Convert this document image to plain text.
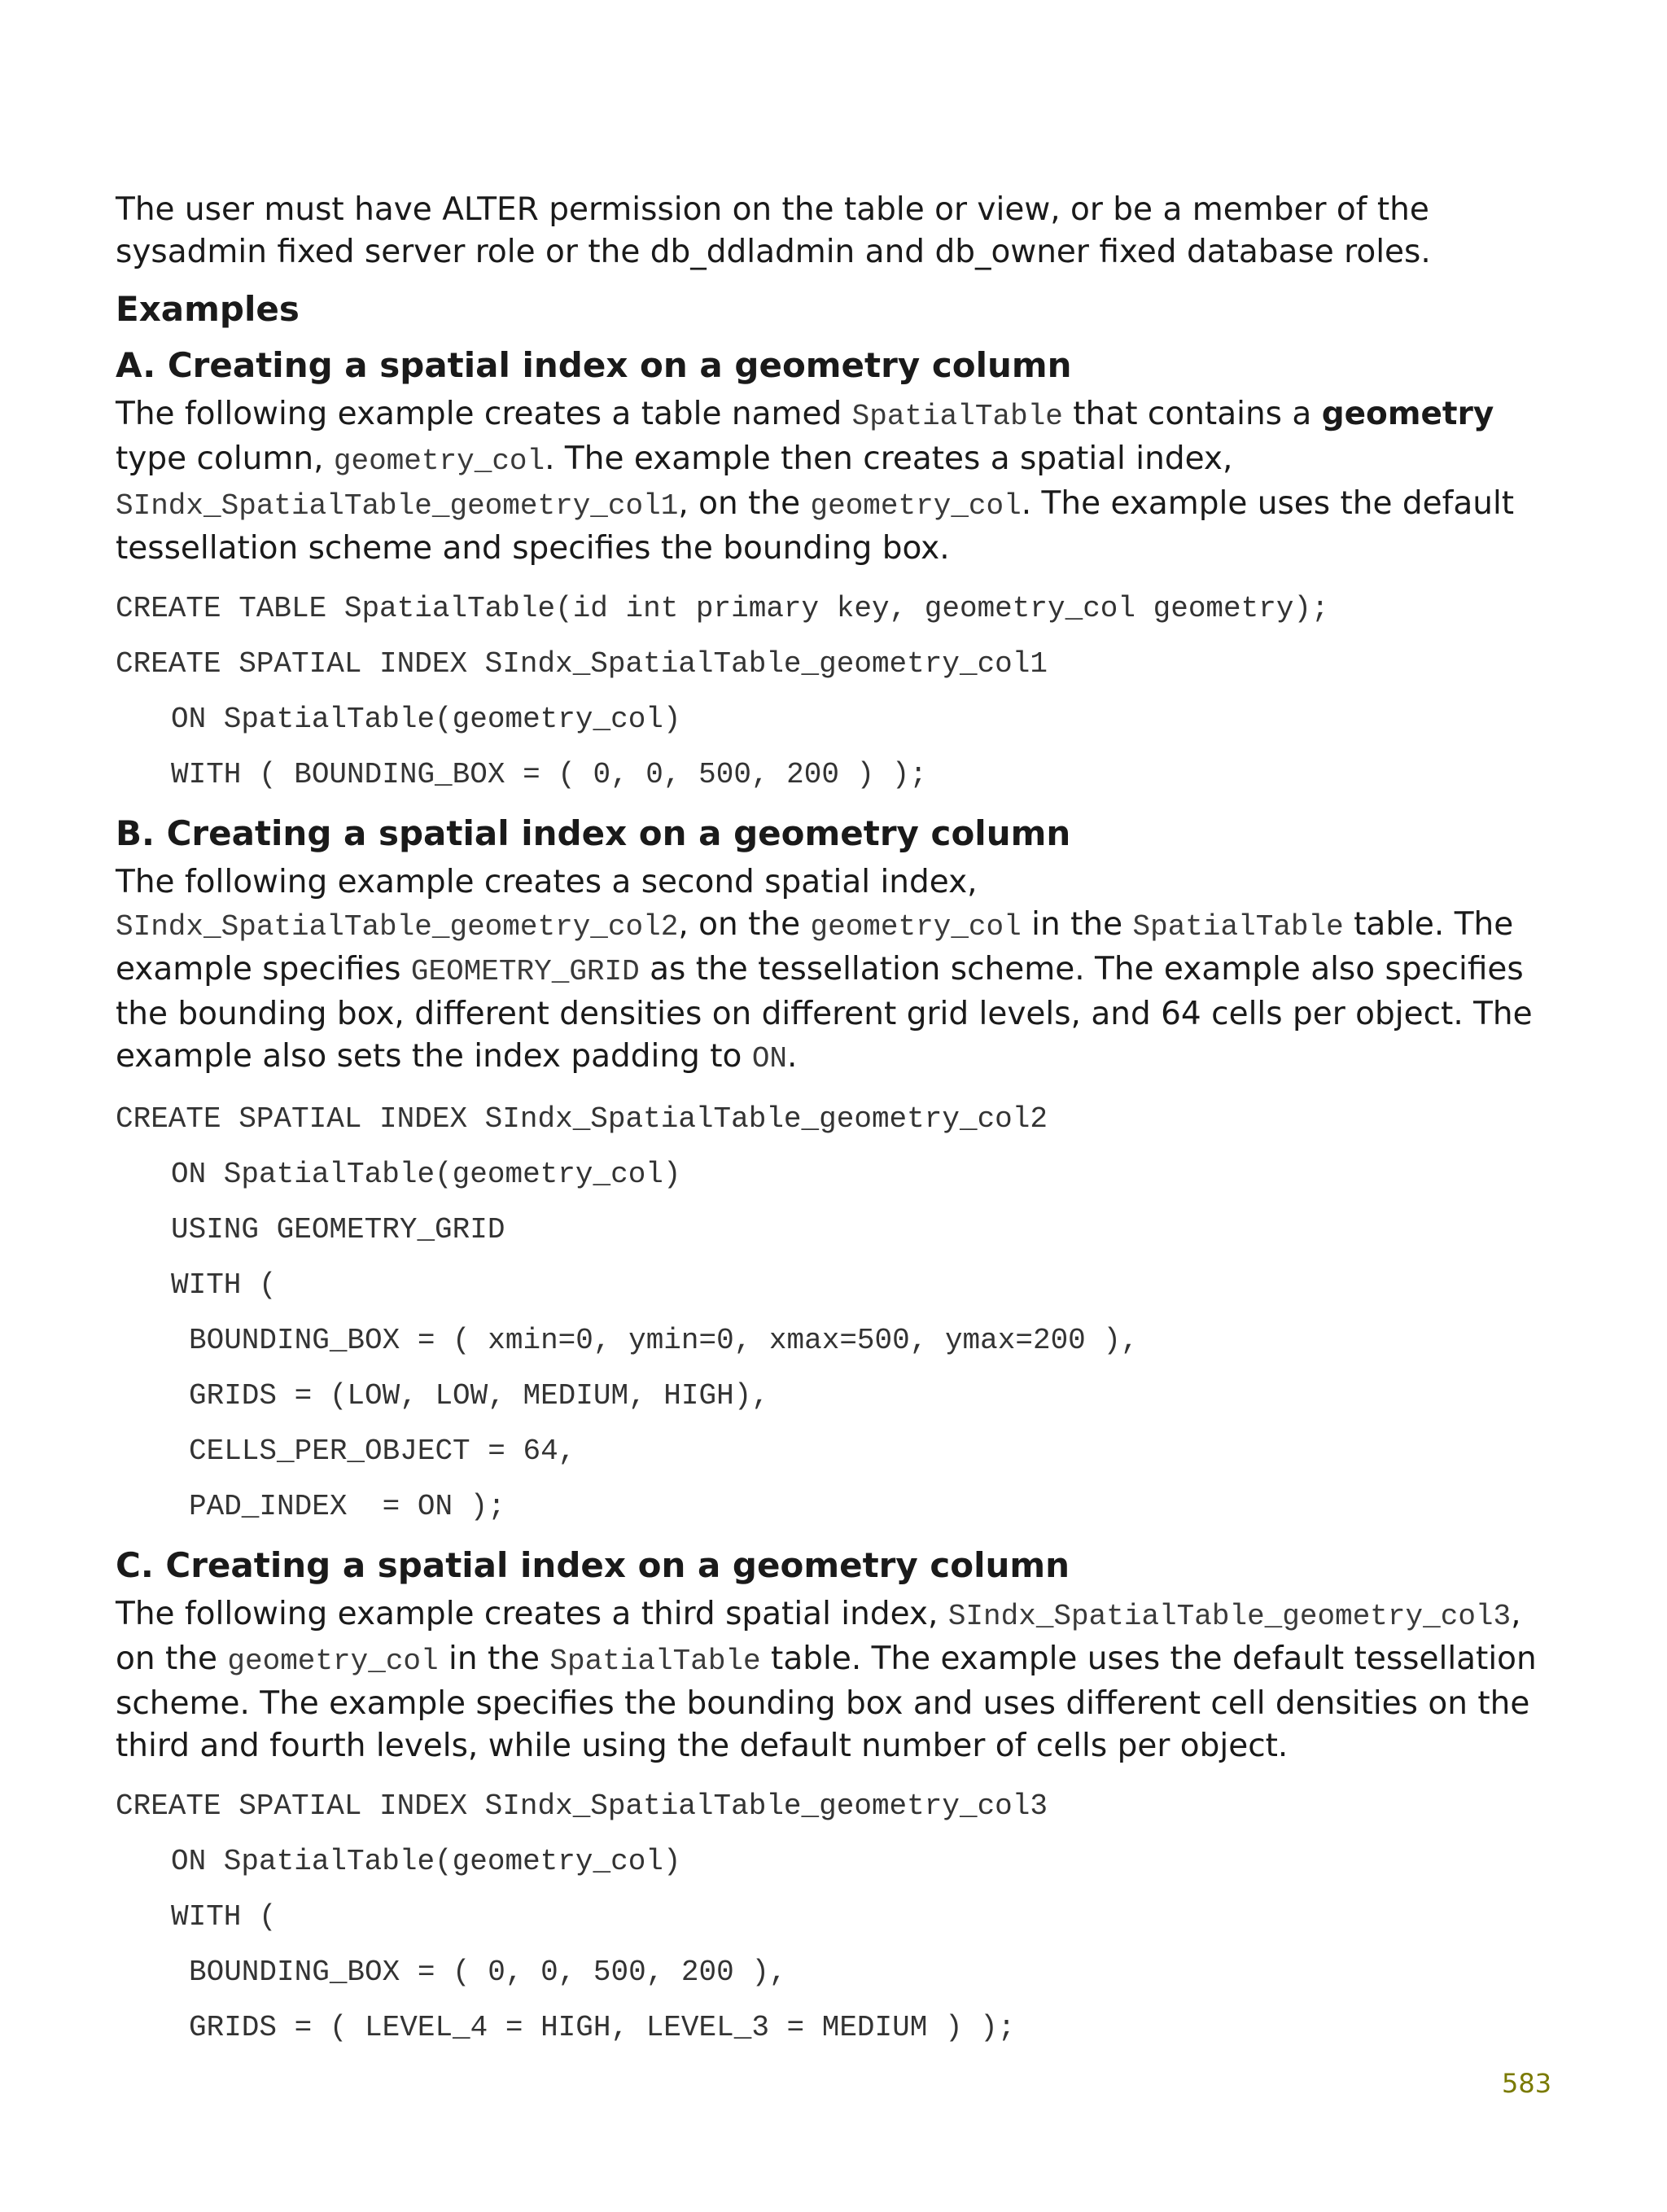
The user must have ALTER permission on the table or view, or be a member of the sysadmin fixed server role or the db_ddladmin and db_owner fixed database roles.

Examples
A. Creating a spatial index on a geometry column

The following example creates a table named SpatialTable that contains a geometry type column, geometry_col. The example then creates a spatial index,
SIndx_SpatialTable_geometry_col1, on the geometry_col. The example uses the default tessellation scheme and specifies the bounding box.

CREATE TABLE SpatialTable(id int primary key, geometry_col geometry);
CREATE SPATIAL INDEX SIndx_SpatialTable_geometry_col1
ON SpatialTable(geometry_col)
WITH ( BOUNDING_BOX = ( 0, 0, 500, 200 ) );
B. Creating a spatial index on a geometry column

The following example creates a second spatial index, SIndx_SpatialTable_geometry_col2, on the geometry_col in the SpatialTable table. The example specifies GEOMETRY_GRID as the tessellation scheme. The example also specifies the bounding box, different densities on different grid levels, and 64 cells per object. The example also sets the index padding to ON.

CREATE SPATIAL INDEX SIndx_SpatialTable_geometry_col2
ON SpatialTable(geometry_col)
USING GEOMETRY_GRID
WITH (
BOUNDING_BOX = ( xmin=0, ymin=0, xmax=500, ymax=200 ),
GRIDS = (LOW, LOW, MEDIUM, HIGH),
CELLS_PER_OBJECT = 64,
PAD_INDEX  = ON );
C. Creating a spatial index on a geometry column

The following example creates a third spatial index, SIndx_SpatialTable_geometry_col3, on the geometry_col in the SpatialTable table. The example uses the default tessellation scheme. The example specifies the bounding box and uses different cell densities on the third and fourth levels, while using the default number of cells per object.

CREATE SPATIAL INDEX SIndx_SpatialTable_geometry_col3
ON SpatialTable(geometry_col)
WITH (
BOUNDING_BOX = ( 0, 0, 500, 200 ),
GRIDS = ( LEVEL_4 = HIGH, LEVEL_3 = MEDIUM ) );
583
